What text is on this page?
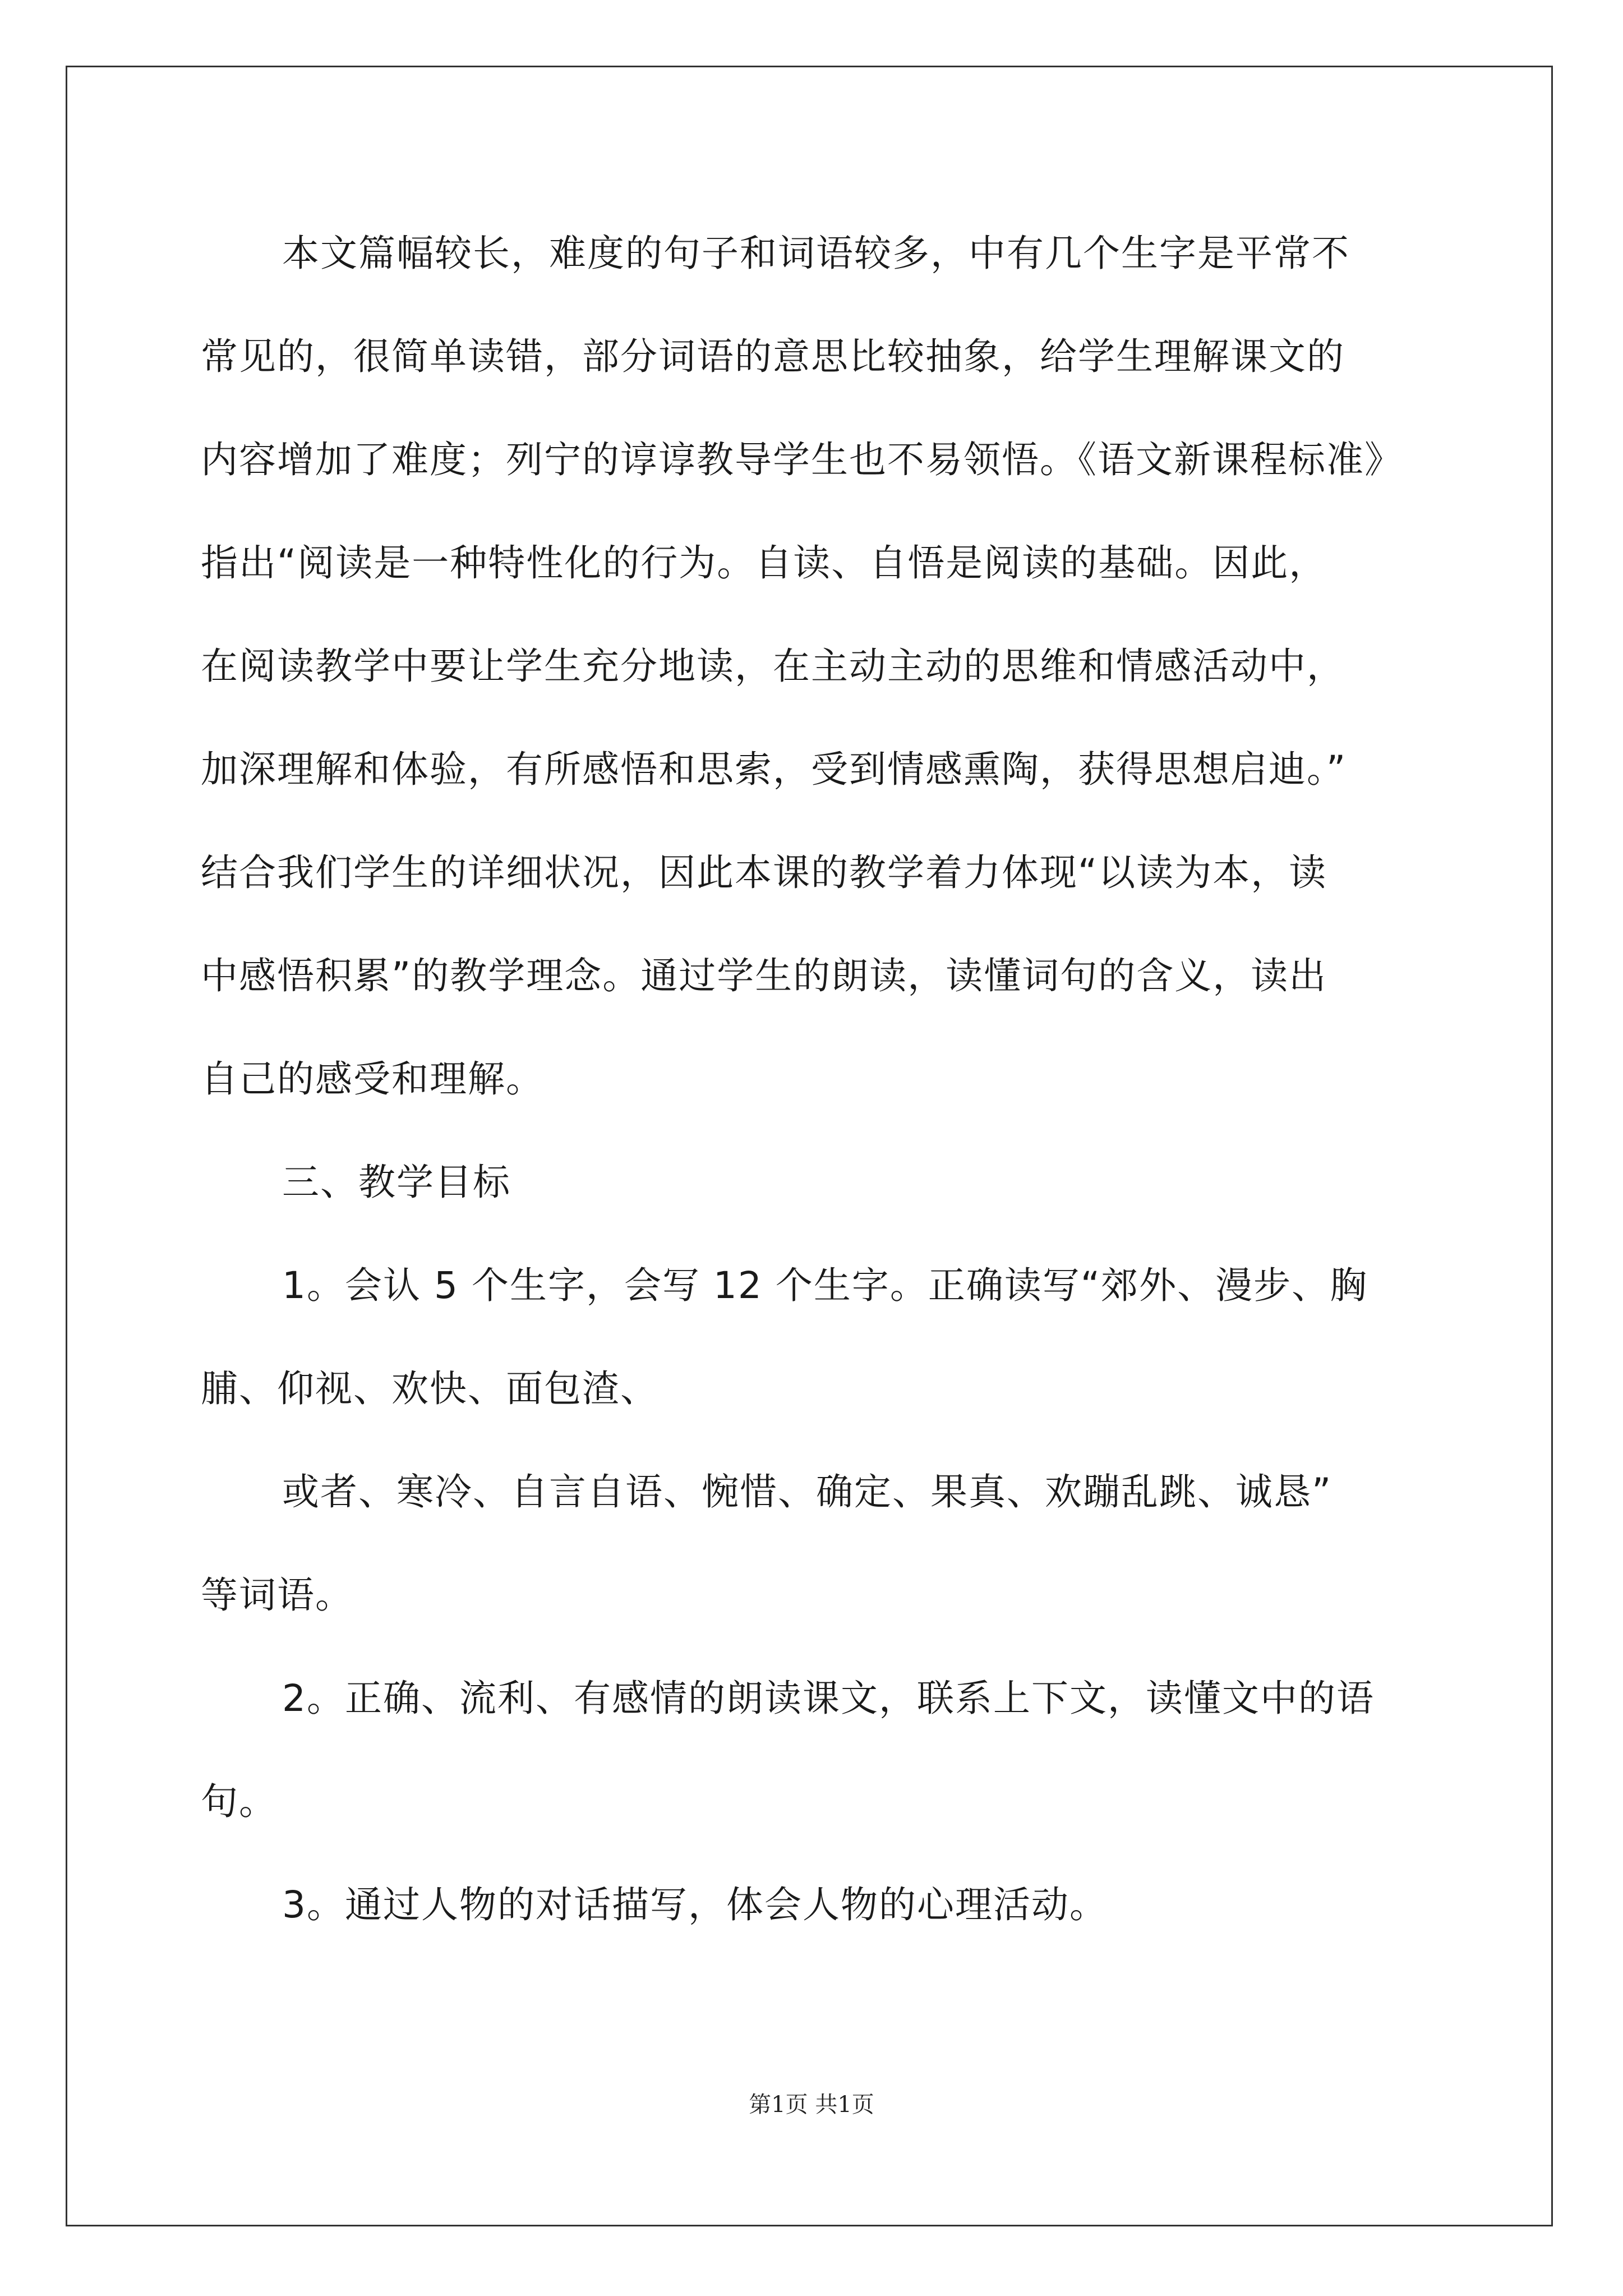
本文篇幅较长，难度的句子和词语较多，中有几个生字是平常不
常见的，很简单读错，部分词语的意思比较抽象，给学生理解课文的
内容增加了难度；列宁的谆谆教导学生也不易领悟。《语文新课程标准》
指出“阅读是一种特性化的行为。自读、自悟是阅读的基础。因此，
在阅读教学中要让学生充分地读，在主动主动的思维和情感活动中，
加深理解和体验，有所感悟和思索，受到情感熏陶，获得思想启迪。”
结合我们学生的详细状况，因此本课的教学着力体现“以读为本，读
中感悟积累”的教学理念。通过学生的朗读，读懂词句的含义，读出
自己的感受和理解。
三、教学目标
1。会认 5 个生字，会写 12 个生字。正确读写“郊外、漫步、胸
脯、仰视、欢快、面包渣、
或者、寒冷、自言自语、惋惜、确定、果真、欢蹦乱跳、诚恳”
等词语。
2。正确、流利、有感情的朗读课文，联系上下文，读懂文中的语
句。
3。通过人物的对话描写，体会人物的心理活动。
第1页 共1页
